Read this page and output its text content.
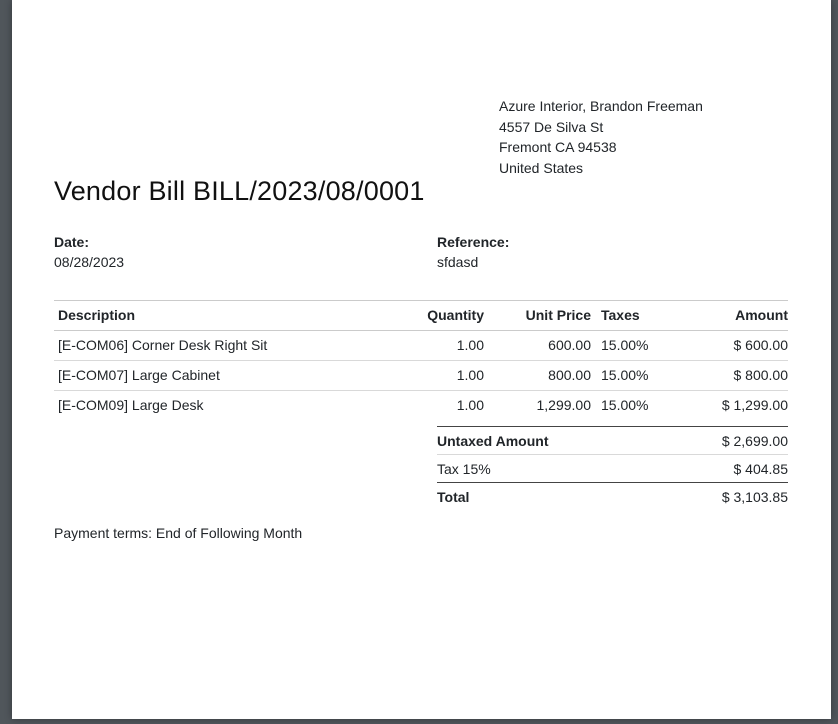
Azure Interior, Brandon Freeman
4557 De Silva St
Fremont CA 94538
United States
Vendor Bill BILL/2023/08/0001
Date:
08/28/2023
Reference:
sfdasd
Description	Quantity	Unit Price	Taxes	Amount
[E-COM06] Corner Desk Right Sit	1.00	600.00	15.00%	$ 600.00
[E-COM07] Large Cabinet	1.00	800.00	15.00%	$ 800.00
[E-COM09] Large Desk	1.00	1,299.00	15.00%	$ 1,299.00
Untaxed Amount	$ 2,699.00
Tax 15%	$ 404.85
Total	$ 3,103.85
Payment terms: End of Following Month
